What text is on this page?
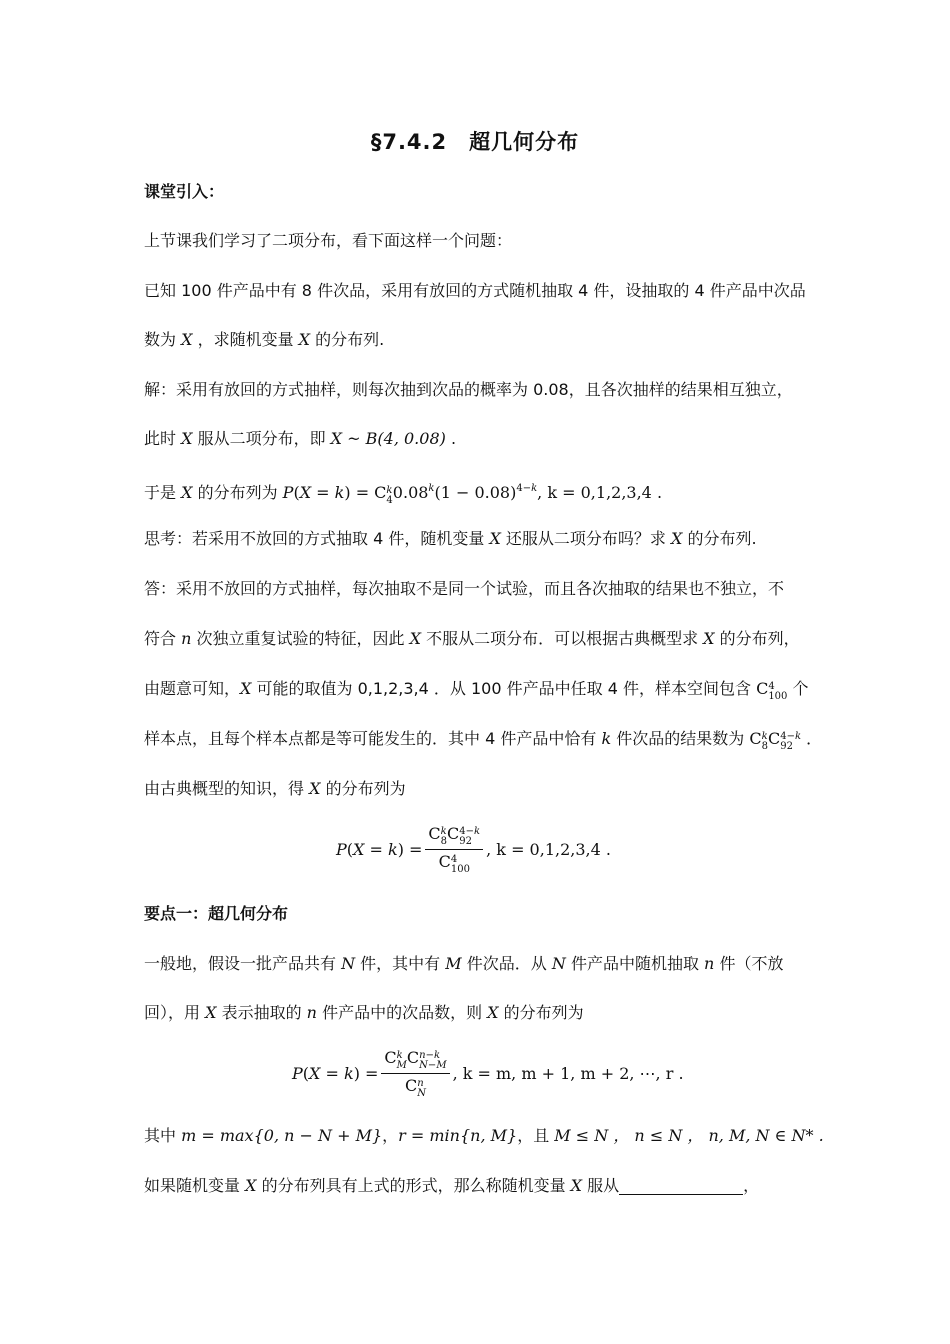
§7.4.2　超几何分布
课堂引入：
上节课我们学习了二项分布，看下面这样一个问题：
已知 100 件产品中有 8 件次品，采用有放回的方式随机抽取 4 件，设抽取的 4 件产品中次品
数为 X ，求随机变量 X 的分布列.
解：采用有放回的方式抽样，则每次抽到次品的概率为 0.08，且各次抽样的结果相互独立，
此时 X 服从二项分布，即 X ~ B(4, 0.08) .
于是 X 的分布列为 P(X = k) = C k
4 $0.08^k(1 - 0.08)^{4-k}$, k = 0,1,2,3,4 .
思考：若采用不放回的方式抽取 4 件，随机变量 X 还服从二项分布吗？求 X 的分布列.
答：采用不放回的方式抽样，每次抽取不是同一个试验，而且各次抽取的结果也不独立，不
符合 n 次独立重复试验的特征，因此 X 不服从二项分布．可以根据古典概型求 X 的分布列，
由题意可知，X 可能的取值为 0,1,2,3,4 ．从 100 件产品中任取 4 件，样本空间包含 C 4
100 个
样本点，且每个样本点都是等可能发生的．其中 4 件产品中恰有 k 件次品的结果数为 C k
8 C 4−k
92 ．
由古典概型的知识，得 X 的分布列为
P(X = k) = C k
8 C 4−k
92
C 4
100 , k = 0,1,2,3,4 .
要点一：超几何分布
一般地，假设一批产品共有 N 件，其中有 M 件次品．从 N 件产品中随机抽取 n 件（不放
回），用 X 表示抽取的 n 件产品中的次品数，则 X 的分布列为
P(X = k) = C k
M C n−k
N−M
C n
N , k = m, m + 1, m + 2, ⋯, r .
其中 m = max{0, n − N + M}，r = min{n, M}，且 M ≤ N ， n ≤ N ， n, M, N ∈ N* .
如果随机变量 X 的分布列具有上式的形式，那么称随机变量 X 服从	，
